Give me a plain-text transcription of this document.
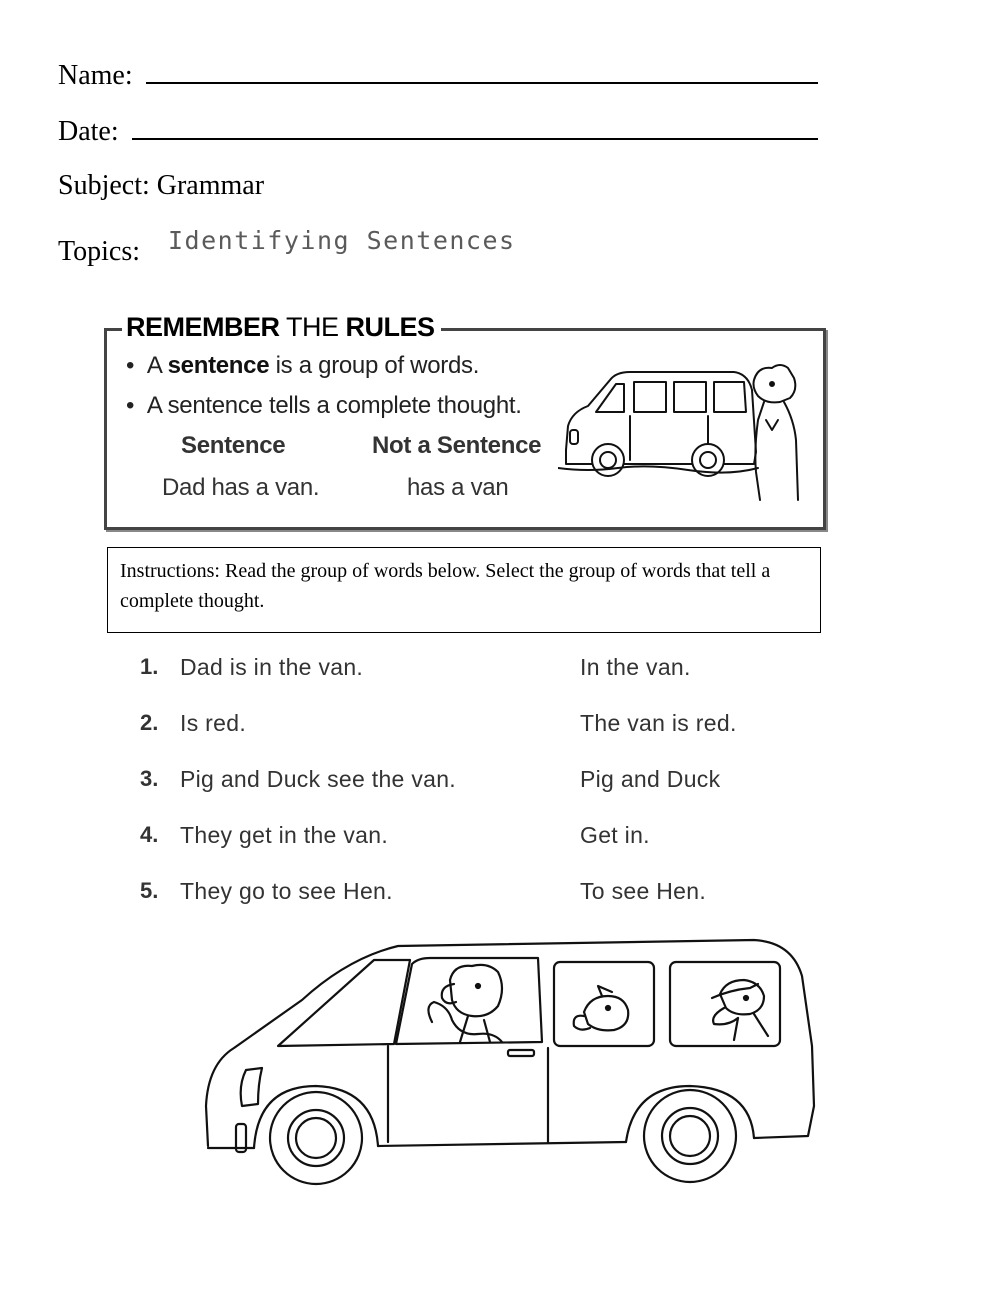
Name:
Date:
Subject: Grammar
Topics: Identifying Sentences
REMEMBER THE RULES
•  A sentence is a group of words.
•  A sentence tells a complete thought.
Sentence	Not a Sentence
Dad has a van.	has a van
Instructions: Read the group of words below. Select the group of words that tell a complete thought.
1. Dad is in the van.	In the van.
2. Is red.	The van is red.
3. Pig and Duck see the van.	Pig and Duck
4. They get in the van.	Get in.
5. They go to see Hen.	To see Hen.
